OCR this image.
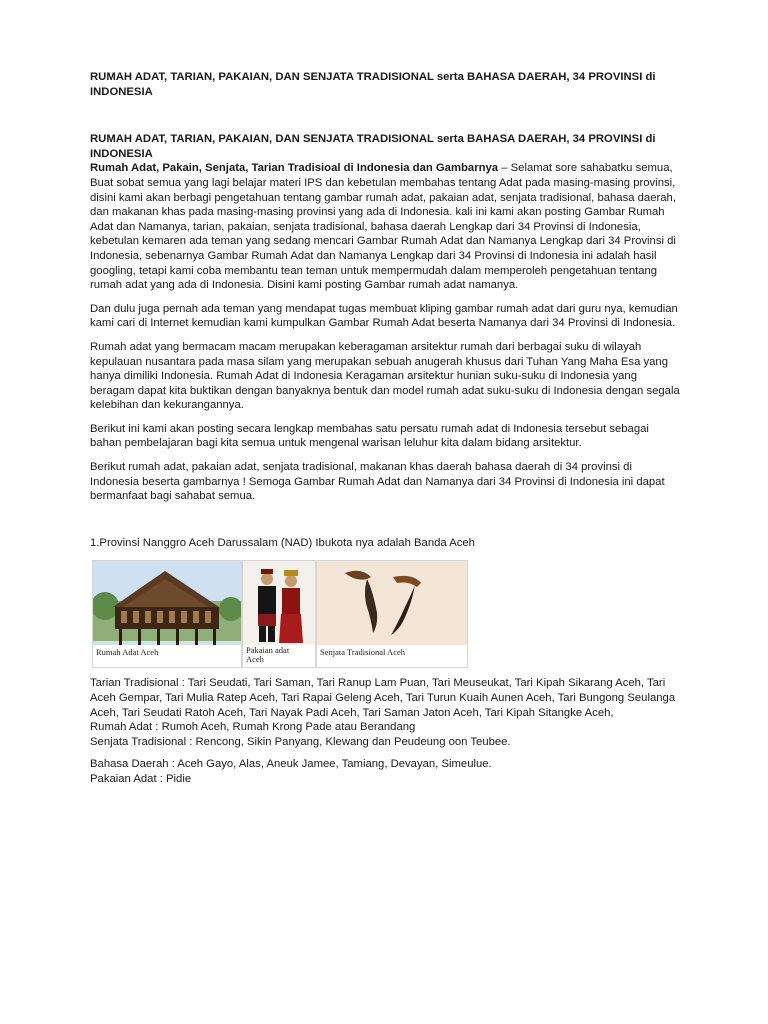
RUMAH ADAT, TARIAN, PAKAIAN, DAN SENJATA TRADISIONAL serta BAHASA DAERAH, 34 PROVINSI di INDONESIA

RUMAH ADAT, TARIAN, PAKAIAN, DAN SENJATA TRADISIONAL serta BAHASA DAERAH, 34 PROVINSI di INDONESIA

Rumah Adat, Pakain, Senjata, Tarian Tradisioal di Indonesia dan Gambarnya – Selamat sore sahabatku semua, Buat sobat semua yang lagi belajar materi IPS dan kebetulan membahas tentang Adat pada masing-masing provinsi, disini kami akan berbagi pengetahuan tentang gambar rumah adat, pakaian adat, senjata tradisional, bahasa daerah, dan makanan khas pada masing-masing provinsi yang ada di Indonesia. kali ini kami akan posting Gambar Rumah Adat dan Namanya, tarian, pakaian, senjata tradisional, bahasa daerah Lengkap dari 34 Provinsi di Indonesia, kebetulan kemaren ada teman yang sedang mencari Gambar Rumah Adat dan Namanya Lengkap dari 34 Provinsi di Indonesia, sebenarnya Gambar Rumah Adat dan Namanya Lengkap dari 34 Provinsi di Indonesia ini adalah hasil googling, tetapi kami coba membantu tean teman untuk mempermudah dalam memperoleh pengetahuan tentang rumah adat yang ada di Indonesia. Disini kami posting Gambar rumah adat namanya.

Dan dulu juga pernah ada teman yang mendapat tugas membuat kliping gambar rumah adat dari guru nya, kemudian kami cari di Internet kemudian kami kumpulkan Gambar Rumah Adat beserta Namanya dari 34 Provinsi di Indonesia.

Rumah adat yang bermacam macam merupakan keberagaman arsitektur rumah dari berbagai suku di wilayah kepulauan nusantara pada masa silam yang merupakan sebuah anugerah khusus dari Tuhan Yang Maha Esa yang hanya dimiliki Indonesia. Rumah Adat di Indonesia Keragaman arsitektur hunian suku-suku di Indonesia yang beragam dapat kita buktikan dengan banyaknya bentuk dan model rumah adat suku-suku di Indonesia dengan segala kelebihan dan kekurangannya.

Berikut ini kami akan posting secara lengkap membahas satu persatu rumah adat di Indonesia tersebut sebagai bahan pembelajaran bagi kita semua untuk mengenal warisan leluhur kita dalam bidang arsitektur.

Berikut rumah adat, pakaian adat, senjata tradisional, makanan khas daerah bahasa daerah di 34 provinsi di Indonesia beserta gambarnya ! Semoga Gambar Rumah Adat dan Namanya dari 34 Provinsi di Indonesia ini dapat bermanfaat bagi sahabat semua.

1.Provinsi Nanggro Aceh Darussalam (NAD) Ibukota nya adalah Banda Aceh

Rumah Adat Aceh	Pakaian adat Aceh
Senjata Tradisional Aceh

Tarian Tradisional : Tari Seudati, Tari Saman, Tari Ranup Lam Puan, Tari Meuseukat, Tari Kipah Sikarang Aceh, Tari Aceh Gempar, Tari Mulia Ratep Aceh, Tari Rapai Geleng Aceh, Tari Turun Kuaih Aunen Aceh, Tari Bungong Seulanga Aceh, Tari Seudati Ratoh Aceh, Tari Nayak Padi Aceh, Tari Saman Jaton Aceh, Tari Kipah Sitangke Aceh,

Rumah Adat : Rumoh Aceh, Rumah Krong Pade atau Berandang

Senjata Tradisional : Rencong, Sikin Panyang, Klewang dan Peudeung oon Teubee.

Bahasa Daerah : Aceh Gayo, Alas, Aneuk Jamee, Tamiang, Devayan, Simeulue.

Pakaian Adat : Pidie
